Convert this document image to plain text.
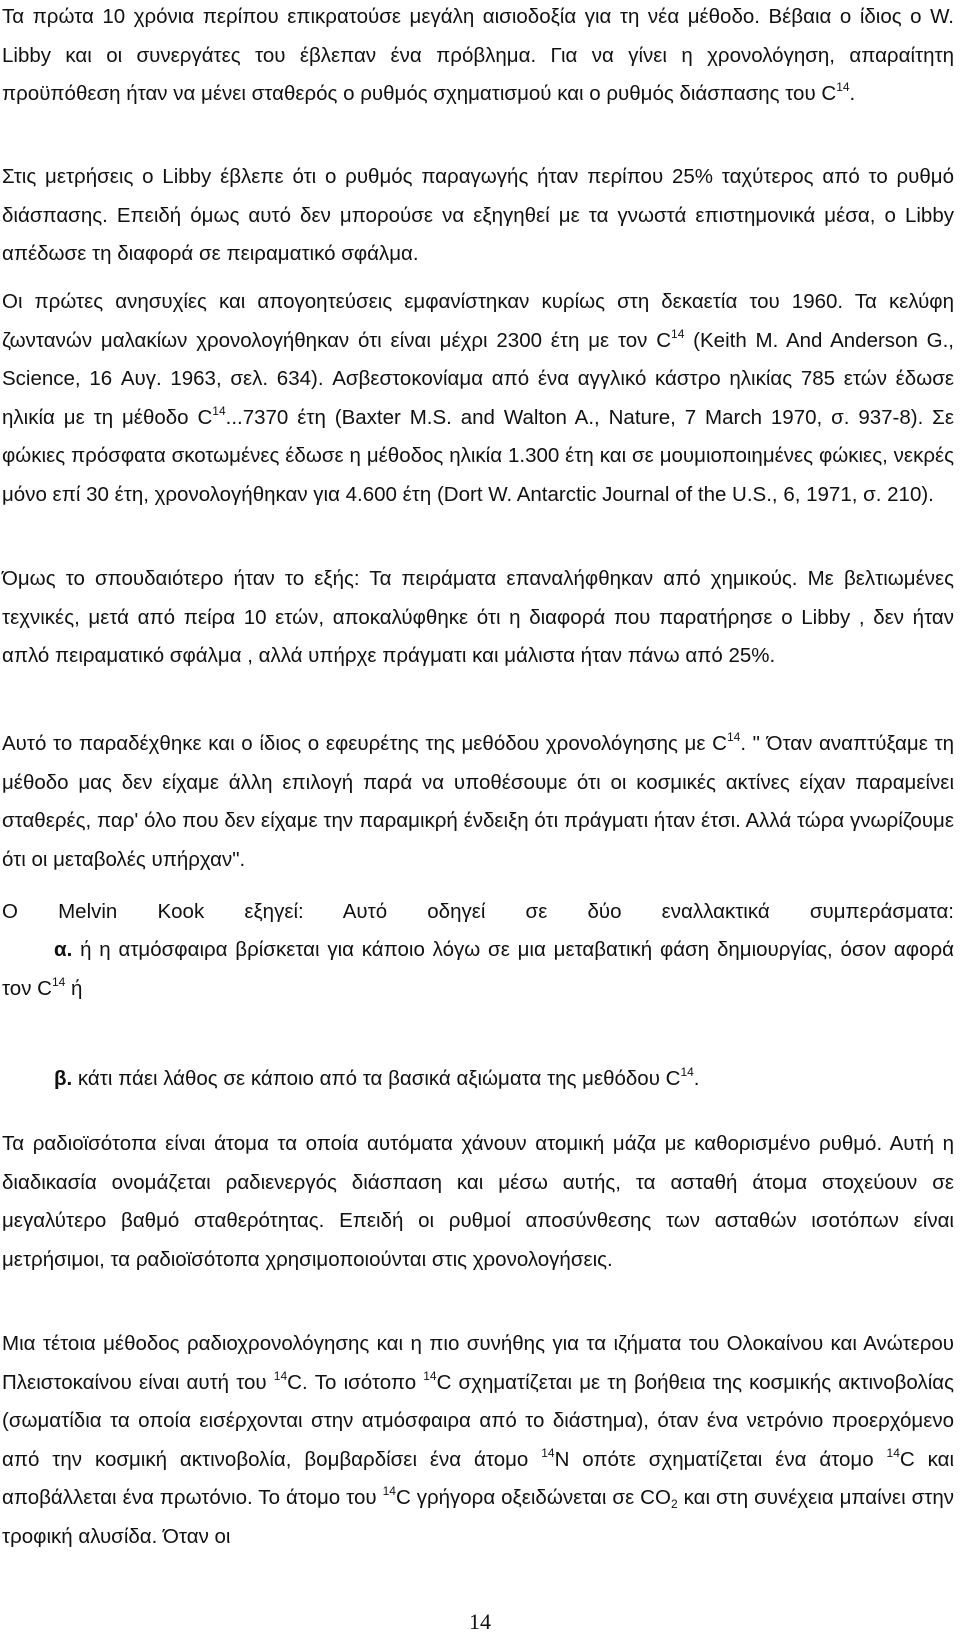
Τα πρώτα 10 χρόνια περίπου επικρατούσε μεγάλη αισιοδοξία για τη νέα μέθοδο. Βέβαια ο ίδιος ο W. Libby και οι συνεργάτες του έβλεπαν ένα πρόβλημα. Για να γίνει η χρονολόγηση, απαραίτητη προϋπόθεση ήταν να μένει σταθερός ο ρυθμός σχηματισμού και ο ρυθμός διάσπασης του $C^{14}$.

Στις μετρήσεις ο Libby έβλεπε ότι ο ρυθμός παραγωγής ήταν περίπου 25% ταχύτερος από το ρυθμό διάσπασης. Επειδή όμως αυτό δεν μπορούσε να εξηγηθεί με τα γνωστά επιστημονικά μέσα, ο Libby απέδωσε τη διαφορά σε πειραματικό σφάλμα.

Οι πρώτες ανησυχίες και απογοητεύσεις εμφανίστηκαν κυρίως στη δεκαετία του 1960. Τα κελύφη ζωντανών μαλακίων χρονολογήθηκαν ότι είναι μέχρι 2300 έτη με τον $C^{14}$ (Keith M. And Anderson G., Science, 16 Αυγ. 1963, σελ. 634). Ασβεστοκονίαμα από ένα αγγλικό κάστρο ηλικίας 785 ετών έδωσε ηλικία με τη μέθοδο $C^{14}...7370$ έτη (Baxter M.S. and Walton A., Nature, 7 March 1970, σ. 937-8). Σε φώκιες πρόσφατα σκοτωμένες έδωσε η μέθοδος ηλικία 1.300 έτη και σε μουμιοποιημένες φώκιες, νεκρές μόνο επί 30 έτη, χρονολογήθηκαν για 4.600 έτη (Dort W. Antarctic Journal of the U.S., 6, 1971, σ. 210).

Όμως το σπουδαιότερο ήταν το εξής: Τα πειράματα επαναλήφθηκαν από χημικούς. Με βελτιωμένες τεχνικές, μετά από πείρα 10 ετών, αποκαλύφθηκε ότι η διαφορά που παρατήρησε ο Libby , δεν ήταν απλό πειραματικό σφάλμα , αλλά υπήρχε πράγματι και μάλιστα ήταν πάνω από 25%.

Αυτό το παραδέχθηκε και ο ίδιος ο εφευρέτης της μεθόδου χρονολόγησης με $C^{14}$. " Όταν αναπτύξαμε τη μέθοδο μας δεν είχαμε άλλη επιλογή παρά να υποθέσουμε ότι οι κοσμικές ακτίνες είχαν παραμείνει σταθερές, παρ' όλο που δεν είχαμε την παραμικρή ένδειξη ότι πράγματι ήταν έτσι. Αλλά τώρα γνωρίζουμε ότι οι μεταβολές υπήρχαν".

Ο Melvin Kook εξηγεί: Αυτό οδηγεί σε δύο εναλλακτικά συμπεράσματα:

α. ή η ατμόσφαιρα βρίσκεται για κάποιο λόγω σε μια μεταβατική φάση δημιουργίας, όσον αφορά τον $C^{14}$ ή

β. κάτι πάει λάθος σε κάποιο από τα βασικά αξιώματα της μεθόδου $C^{14}$.

Τα ραδιοϊσότοπα είναι άτομα τα οποία αυτόματα χάνουν ατομική μάζα με καθορισμένο ρυθμό. Αυτή η διαδικασία ονομάζεται ραδιενεργός διάσπαση και μέσω αυτής, τα ασταθή άτομα στοχεύουν σε μεγαλύτερο βαθμό σταθερότητας. Επειδή οι ρυθμοί αποσύνθεσης των ασταθών ισοτόπων είναι μετρήσιμοι, τα ραδιοϊσότοπα χρησιμοποιούνται στις χρονολογήσεις.

Μια τέτοια μέθοδος ραδιοχρονολόγησης και η πιο συνήθης για τα ιζήματα του Ολοκαίνου και Ανώτερου Πλειστοκαίνου είναι αυτή του $^{14}$C. Το ισότοπο $^{14}$C σχηματίζεται με τη βοήθεια της κοσμικής ακτινοβολίας (σωματίδια τα οποία εισέρχονται στην ατμόσφαιρα από το διάστημα), όταν ένα νετρόνιο προερχόμενο από την κοσμική ακτινοβολία, βομβαρδίσει ένα άτομο $^{14}$N οπότε σχηματίζεται ένα άτομο $^{14}$C και αποβάλλεται ένα πρωτόνιο. Το άτομο του $^{14}$C γρήγορα οξειδώνεται σε $CO_2$ και στη συνέχεια μπαίνει στην τροφική αλυσίδα. Όταν οι

14
